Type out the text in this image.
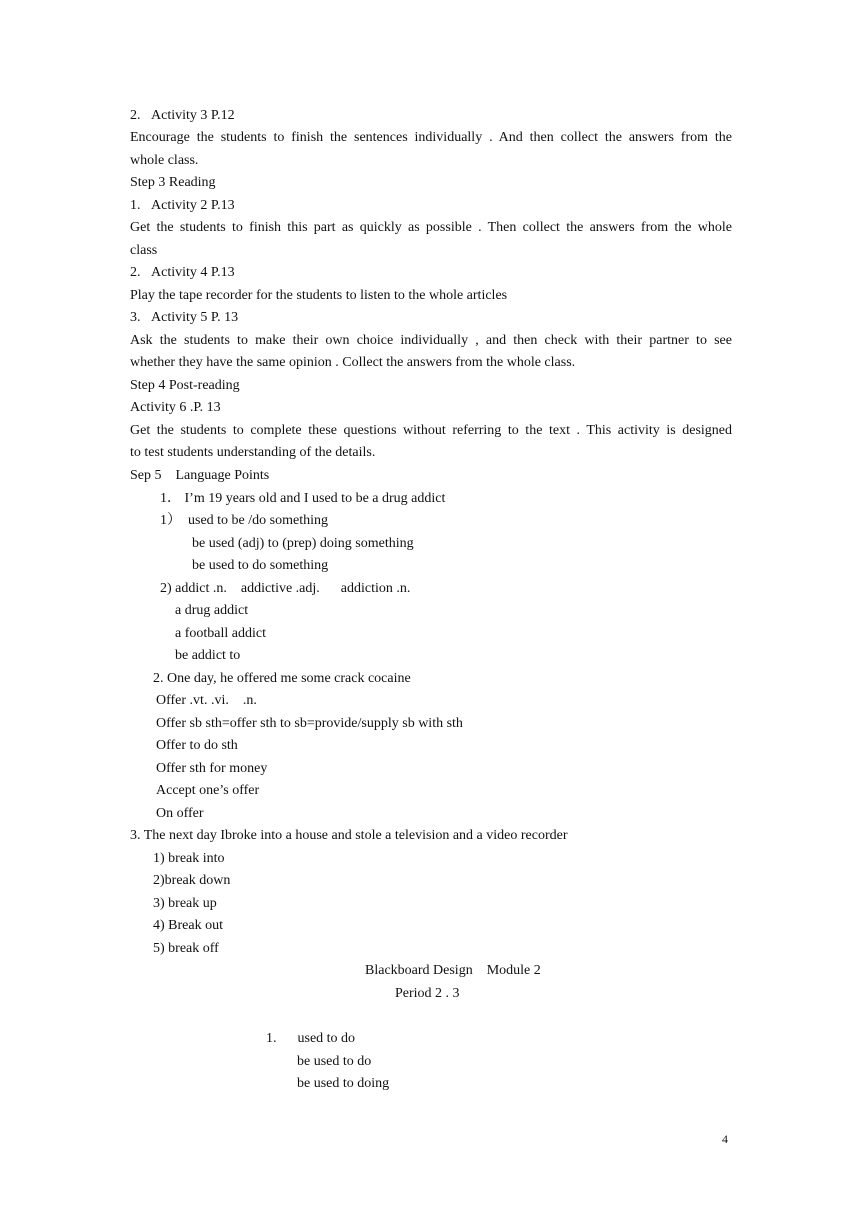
2.   Activity 3 P.12
Encourage the students to finish the sentences individually . And then collect the answers from the
whole class.
Step 3 Reading
1.   Activity 2 P.13
Get the students to finish this part as quickly as possible . Then collect the answers from the whole
class
2.   Activity 4 P.13
Play the tape recorder for the students to listen to the whole articles
3.   Activity 5 P. 13
Ask the students to make their own choice individually , and then check with their partner to see
whether they have the same opinion . Collect the answers from the whole class.
Step 4 Post-reading
Activity 6 .P. 13
Get the students to complete these questions without referring to the text . This activity is designed
to test students understanding of the details.
Sep 5    Language Points
1． I’m 19 years old and I used to be a drug addict
1）  used to be /do something
be used (adj) to (prep) doing something
be used to do something
2) addict .n.    addictive .adj.      addiction .n.
a drug addict
a football addict
be addict to
2. One day, he offered me some crack cocaine
Offer .vt. .vi.    .n.
Offer sb sth=offer sth to sb=provide/supply sb with sth
Offer to do sth
Offer sth for money
Accept one’s offer
On offer
3. The next day Ibroke into a house and stole a television and a video recorder
1) break into
2)break down
3) break up
4) Break out
5) break off
Blackboard Design    Module 2
Period 2 . 3
1.      used to do
be used to do
be used to doing
4
